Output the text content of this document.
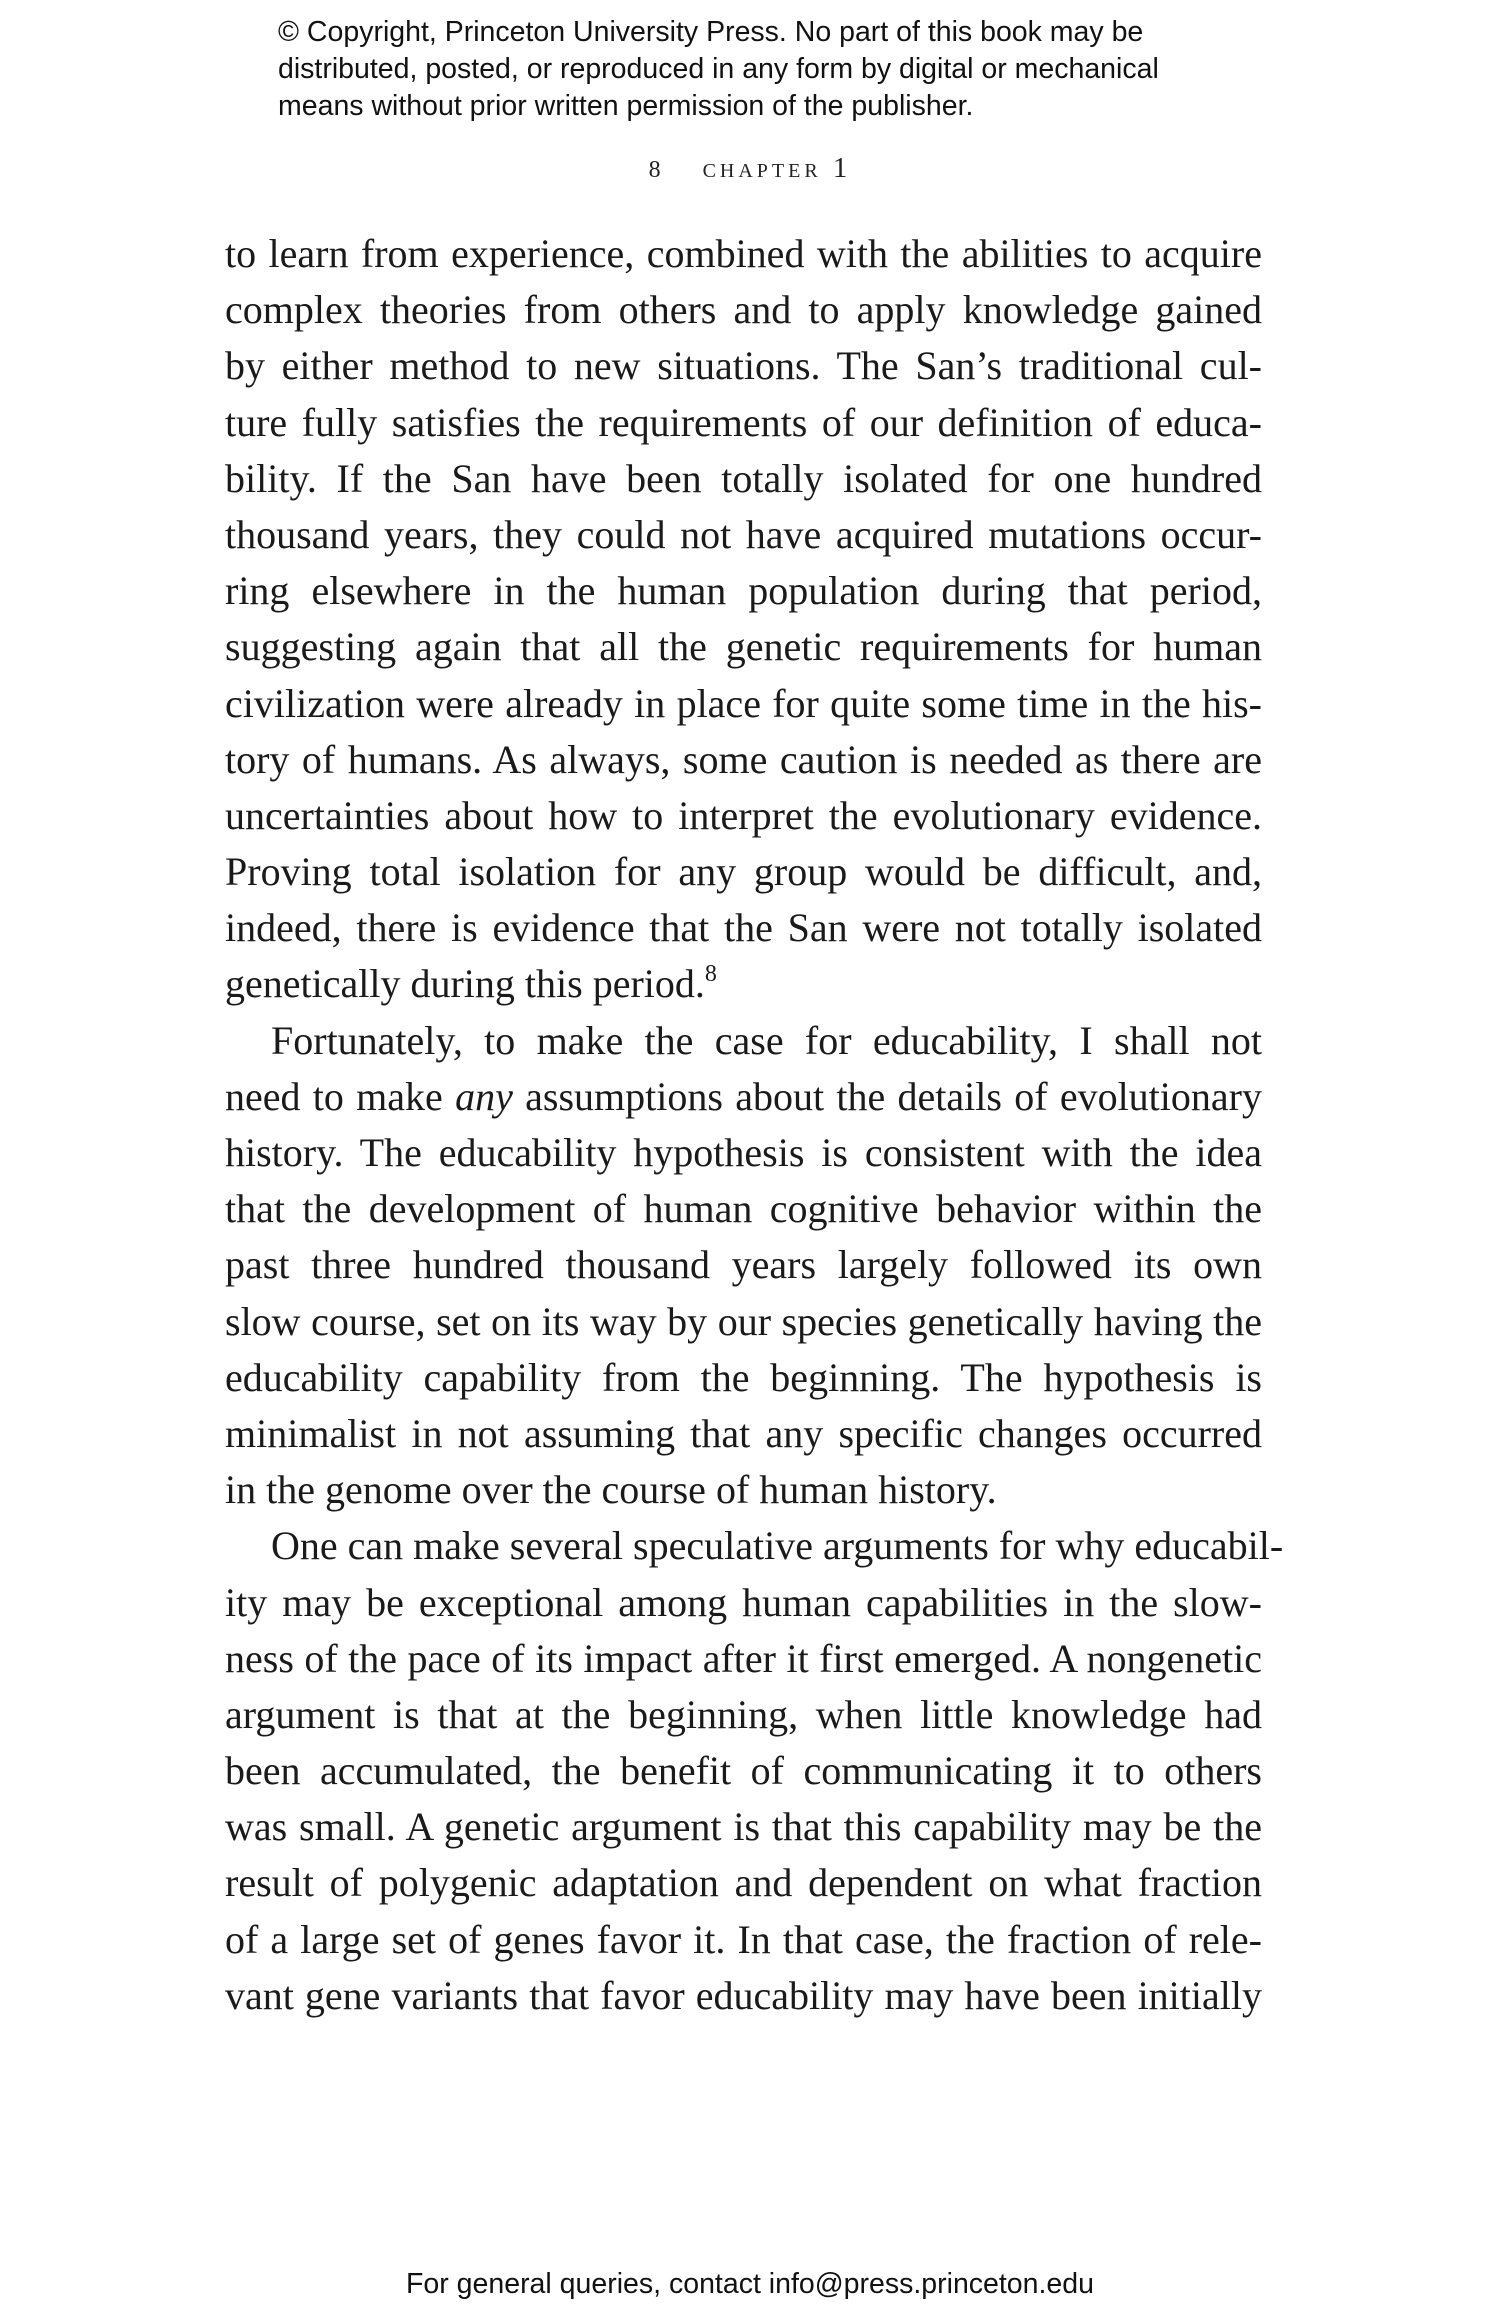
© Copyright, Princeton University Press. No part of this book may be
distributed, posted, or reproduced in any form by digital or mechanical
means without prior written permission of the publisher.
8 chapter 1
to learn from experience, combined with the abilities to acquire
complex theories from others and to apply knowledge gained
by either method to new situations. The San’s traditional cul-
ture fully satisfies the requirements of our definition of educa-
bility. If the San have been totally isolated for one hundred
thousand years, they could not have acquired mutations occur-
ring elsewhere in the human population during that period,
suggesting again that all the genetic requirements for human
civilization were already in place for quite some time in the his-
tory of humans. As always, some caution is needed as there are
uncertainties about how to interpret the evolutionary evidence.
Proving total isolation for any group would be difficult, and,
indeed, there is evidence that the San were not totally isolated
genetically during this period.$^8$
Fortunately, to make the case for educability, I shall not
need to make any assumptions about the details of evolutionary
history. The educability hypothesis is consistent with the idea
that the development of human cognitive behavior within the
past three hundred thousand years largely followed its own
slow course, set on its way by our species genetically having the
educability capability from the beginning. The hypothesis is
minimalist in not assuming that any specific changes occurred
in the genome over the course of human history.
One can make several speculative arguments for why educabil-
ity may be exceptional among human capabilities in the slow-
ness of the pace of its impact after it first emerged. A nongenetic
argument is that at the beginning, when little knowledge had
been accumulated, the benefit of communicating it to others
was small. A genetic argument is that this capability may be the
result of polygenic adaptation and dependent on what fraction
of a large set of genes favor it. In that case, the fraction of rele-
vant gene variants that favor educability may have been initially
For general queries, contact info@press.princeton.edu
